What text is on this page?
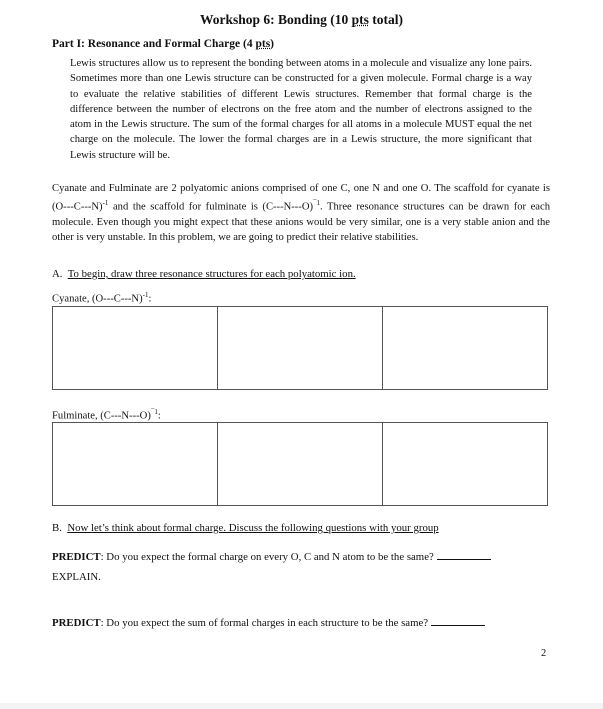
Workshop 6: Bonding (10 pts total)
Part I: Resonance and Formal Charge (4 pts)
Lewis structures allow us to represent the bonding between atoms in a molecule and visualize any lone pairs. Sometimes more than one Lewis structure can be constructed for a given molecule. Formal charge is a way to evaluate the relative stabilities of different Lewis structures. Remember that formal charge is the difference between the number of electrons on the free atom and the number of electrons assigned to the atom in the Lewis structure. The sum of the formal charges for all atoms in a molecule MUST equal the net charge on the molecule. The lower the formal charges are in a Lewis structure, the more significant that Lewis structure will be.
Cyanate and Fulminate are 2 polyatomic anions comprised of one C, one N and one O. The scaffold for cyanate is $(O---C---N)^{-1}$ and the scaffold for fulminate is $(C---N---O)^{¯1}$. Three resonance structures can be drawn for each molecule. Even though you might expect that these anions would be very similar, one is a very stable anion and the other is very unstable. In this problem, we are going to predict their relative stabilities.
A. To begin, draw three resonance structures for each polyatomic ion.
Cyanate, $(O---C---N)^{-1}$:
Fulminate, $(C---N---O)^{¯1}$:
B. Now let’s think about formal charge. Discuss the following questions with your group
PREDICT: Do you expect the formal charge on every O, C and N atom to be the same?
EXPLAIN.
PREDICT: Do you expect the sum of formal charges in each structure to be the same?
2
